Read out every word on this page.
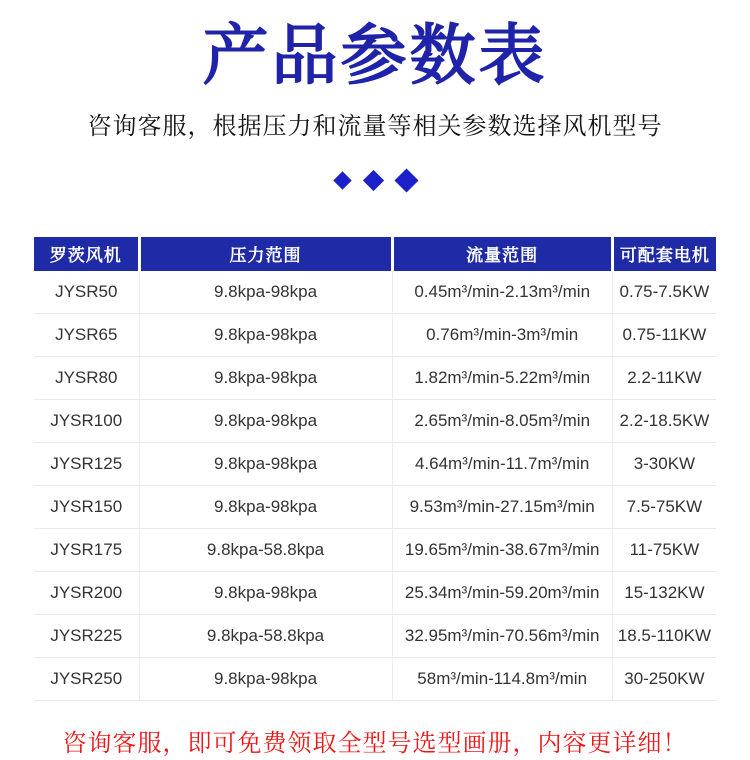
产品参数表

咨询客服，根据压力和流量等相关参数选择风机型号

罗茨风机	压力范围	流量范围	可配套电机
JYSR50	9.8kpa-98kpa	0.45m³/min-2.13m³/min	0.75-7.5KW
JYSR65	9.8kpa-98kpa	0.76m³/min-3m³/min	0.75-11KW
JYSR80	9.8kpa-98kpa	1.82m³/min-5.22m³/min	2.2-11KW
JYSR100	9.8kpa-98kpa	2.65m³/min-8.05m³/min	2.2-18.5KW
JYSR125	9.8kpa-98kpa	4.64m³/min-11.7m³/min	3-30KW
JYSR150	9.8kpa-98kpa	9.53m³/min-27.15m³/min	7.5-75KW
JYSR175	9.8kpa-58.8kpa	19.65m³/min-38.67m³/min	11-75KW
JYSR200	9.8kpa-98kpa	25.34m³/min-59.20m³/min	15-132KW
JYSR225	9.8kpa-58.8kpa	32.95m³/min-70.56m³/min	18.5-110KW
JYSR250	9.8kpa-98kpa	58m³/min-114.8m³/min	30-250KW

咨询客服，即可免费领取全型号选型画册，内容更详细！
